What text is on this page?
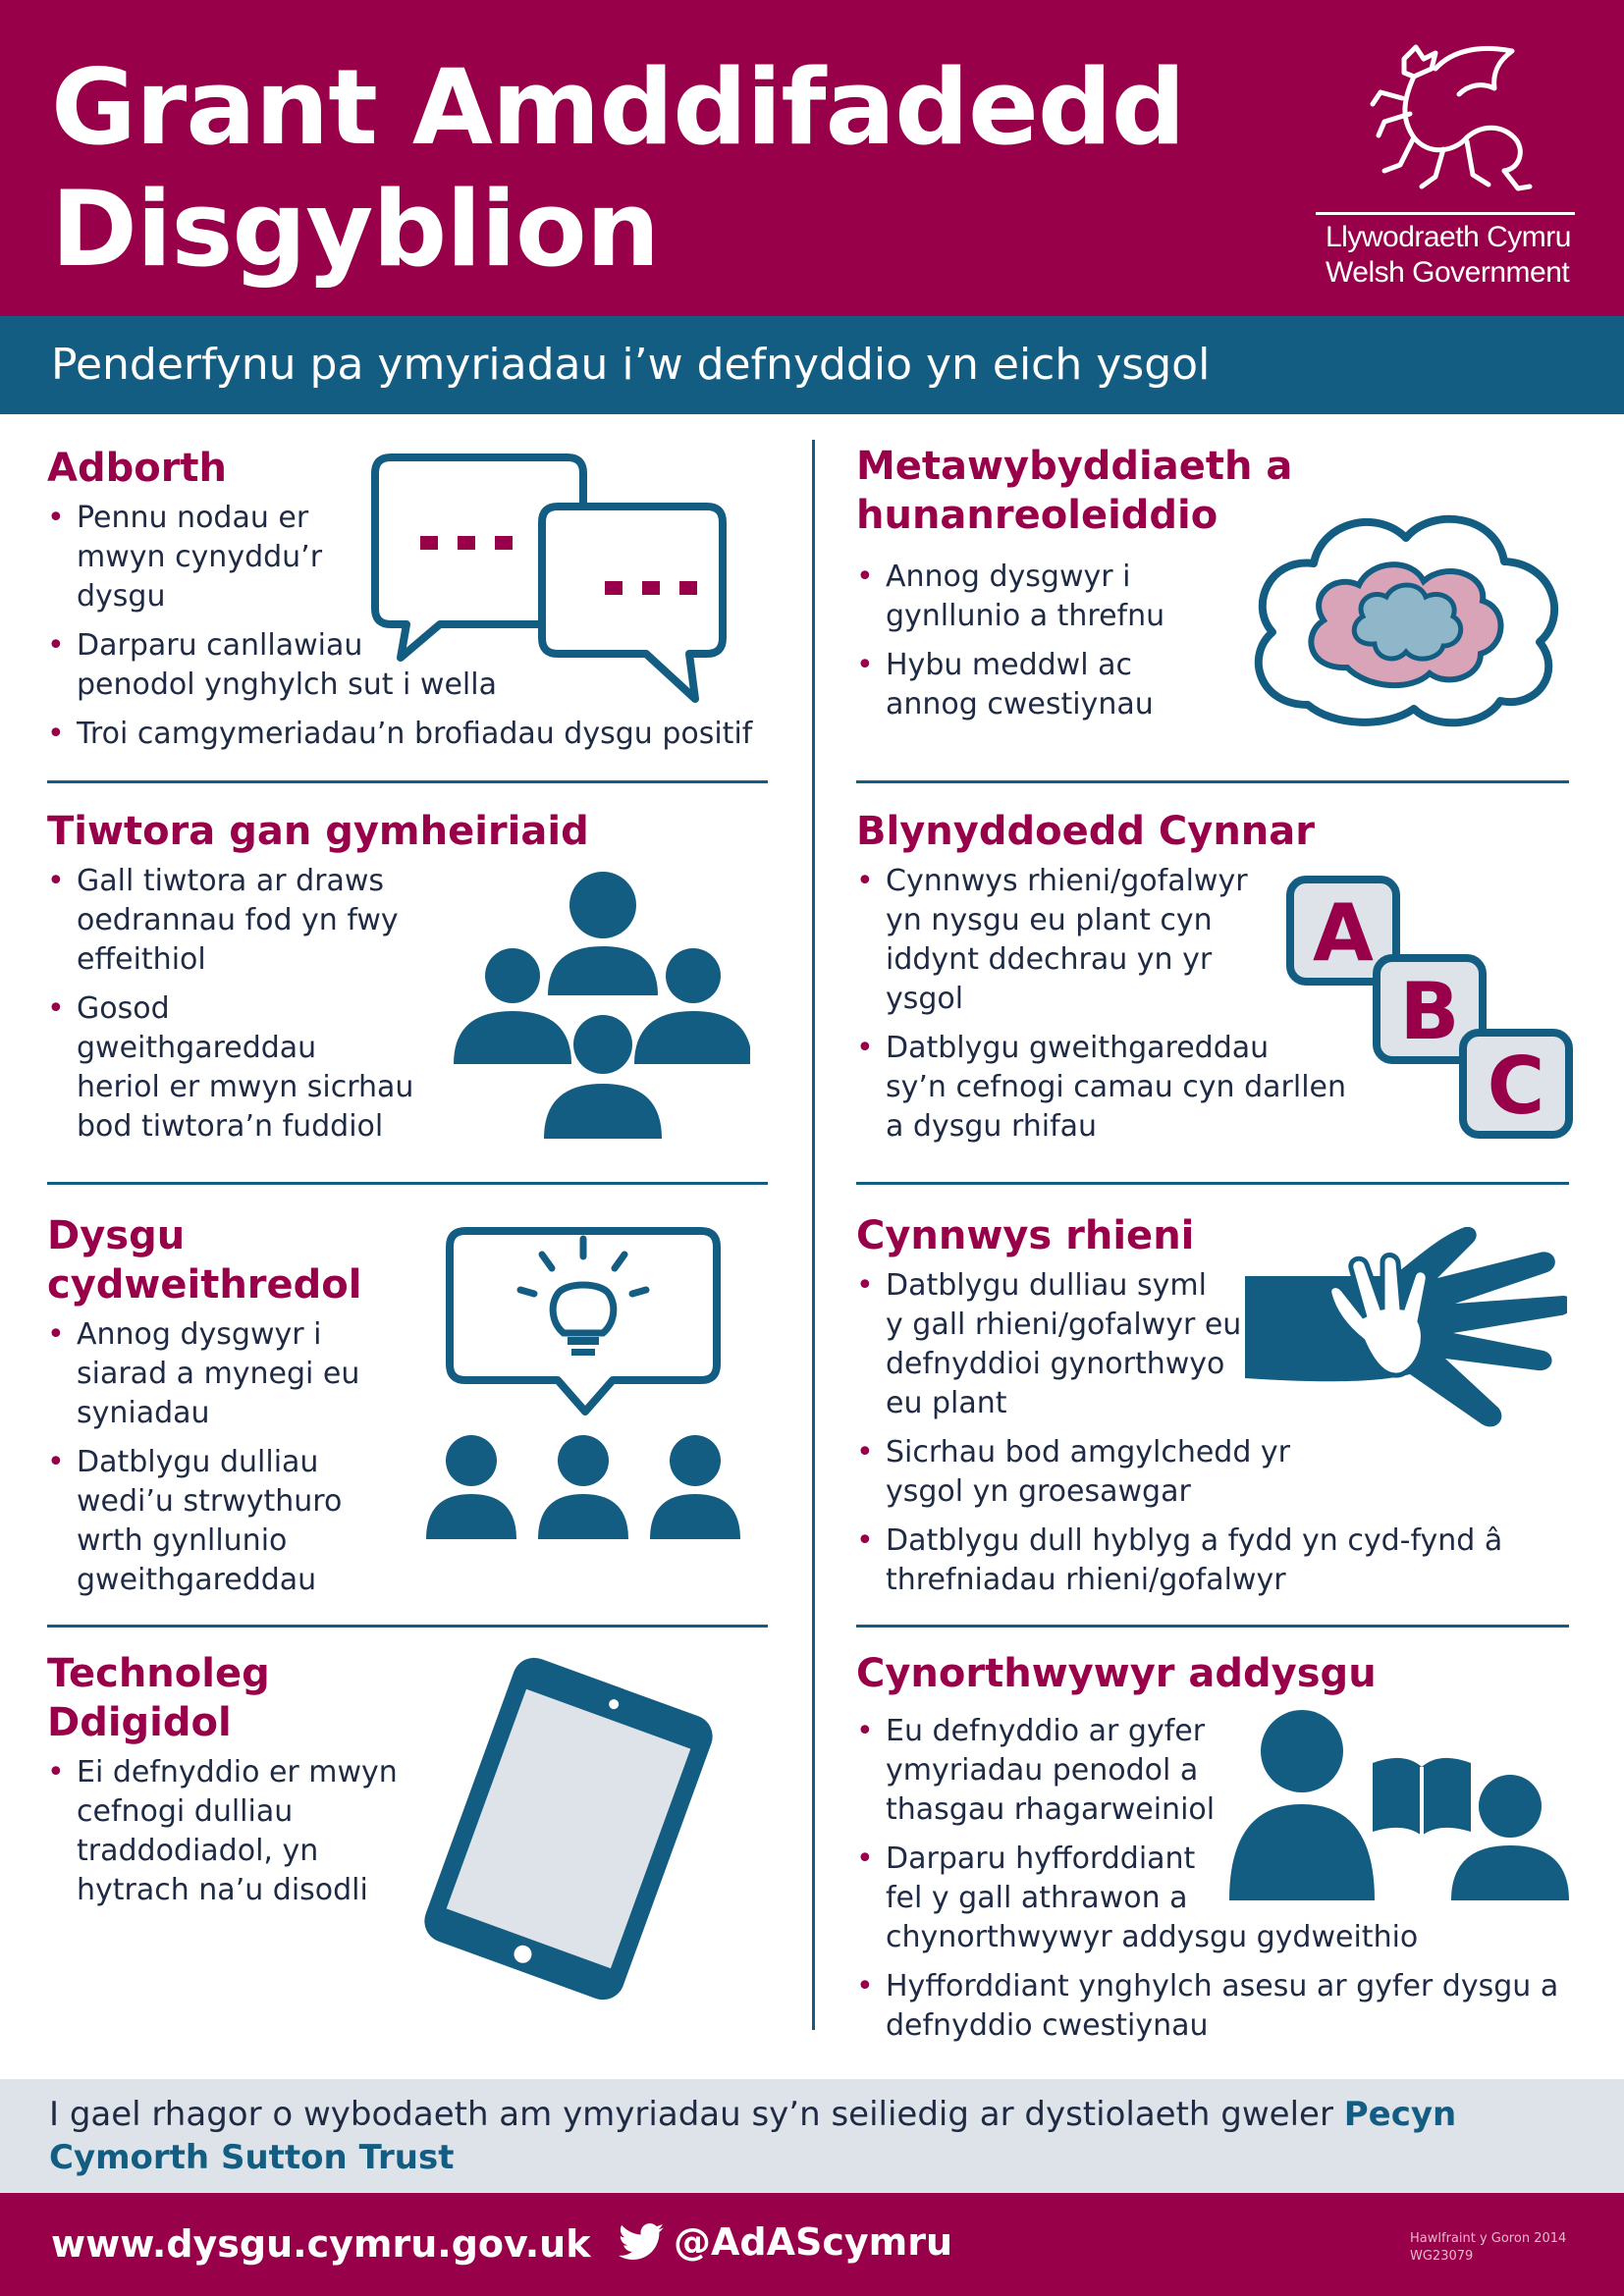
Grant Amddifadedd
Disgyblion	Llywodraeth Cymru
Welsh Government
Penderfynu pa ymyriadau i’w defnyddio yn eich ysgol
Adborth
• Pennu nodau er
mwyn cynyddu’r
dysgu
• Darparu canllawiau
penodol ynghylch sut i wella
• Troi camgymeriadau’n brofiadau dysgu positif
Metawybyddiaeth a
hunanreoleiddio
• Annog dysgwyr i
gynllunio a threfnu
• Hybu meddwl ac
annog cwestiynau
Tiwtora gan gymheiriaid
• Gall tiwtora ar draws
oedrannau fod yn fwy
effeithiol
• Gosod
gweithgareddau
heriol er mwyn sicrhau
bod tiwtora’n fuddiol
Blynyddoedd Cynnar
• Cynnwys rhieni/gofalwyr
yn nysgu eu plant cyn
iddynt ddechrau yn yr
ysgol
• Datblygu gweithgareddau
sy’n cefnogi camau cyn darllen
a dysgu rhifau
A
B
C
Dysgu
cydweithredol
• Annog dysgwyr i
siarad a mynegi eu
syniadau
• Datblygu dulliau
wedi’u strwythuro
wrth gynllunio
gweithgareddau
Cynnwys rhieni
• Datblygu dulliau syml
y gall rhieni/gofalwyr eu
defnyddioi gynorthwyo
eu plant
• Sicrhau bod amgylchedd yr
ysgol yn groesawgar
• Datblygu dull hyblyg a fydd yn cyd-fynd â
threfniadau rhieni/gofalwyr
Technoleg
Ddigidol
• Ei defnyddio er mwyn
cefnogi dulliau
traddodiadol, yn
hytrach na’u disodli
Cynorthwywyr addysgu
• Eu defnyddio ar gyfer
ymyriadau penodol a
thasgau rhagarweiniol
• Darparu hyfforddiant
fel y gall athrawon a
chynorthwywyr addysgu gydweithio
• Hyfforddiant ynghylch asesu ar gyfer dysgu a
defnyddio cwestiynau
I gael rhagor o wybodaeth am ymyriadau sy’n seiliedig ar dystiolaeth gweler Pecyn Cymorth Sutton Trust
www.dysgu.cymru.gov.uk	@AdAScymru	Hawlfraint y Goron 2014
WG23079
